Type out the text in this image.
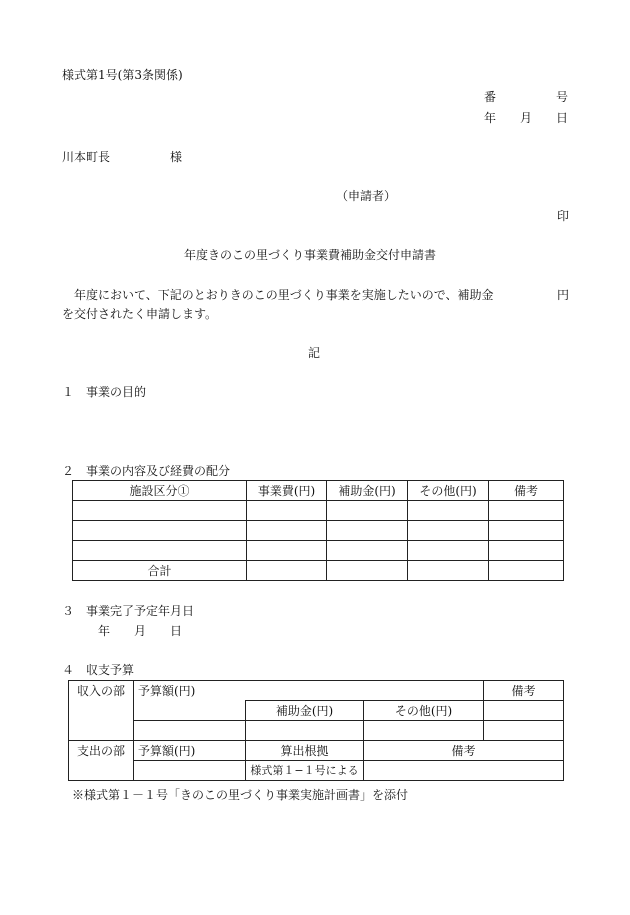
様式第1号(第3条関係)
番　　　　　号
年　　月　　日
川本町長　　　　　様
（申請者）
印
年度きのこの里づくり事業費補助金交付申請書
年度において、下記のとおりきのこの里づくり事業を実施したいので、補助金	円
を交付されたく申請します。
記
１　事業の目的
２　事業の内容及び経費の配分
施設区分①	事業費(円)	補助金(円)	その他(円)	備考

合計				
３　事業完了予定年月日
年　　月　　日
４　収支予算
収入の部	予算額(円)			備考
		補助金(円)	その他(円)	

支出の部	予算額(円)	算出根拠	備考	
		様式第１−１号による		
※様式第１－１号「きのこの里づくり事業実施計画書」を添付
